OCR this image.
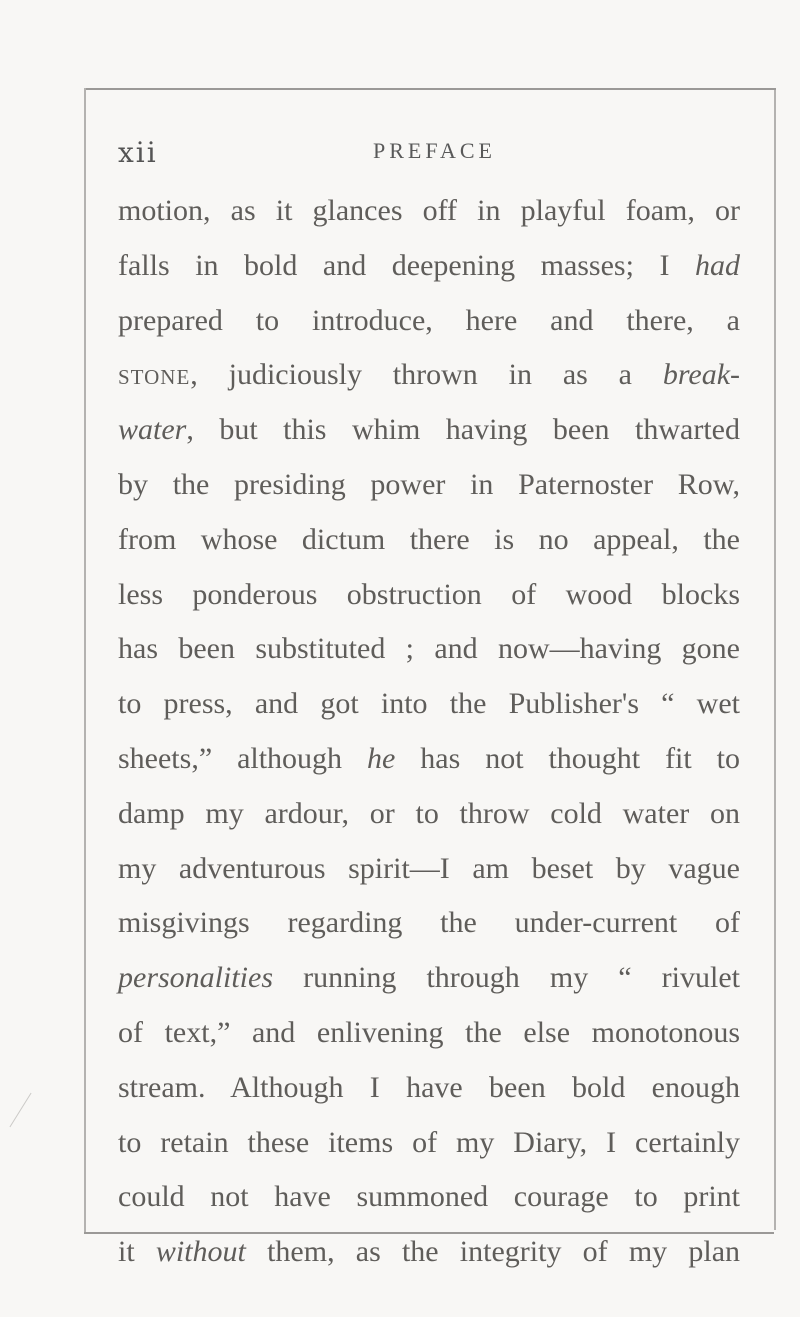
xii	PREFACE
motion, as it glances off in playful foam, or
falls in bold and deepening masses; I had
prepared to introduce, here and there, a
stone, judiciously thrown in as a break-
water, but this whim having been thwarted
by the presiding power in Paternoster Row,
from whose dictum there is no appeal, the
less ponderous obstruction of wood blocks
has been substituted ; and now—having gone
to press, and got into the Publisher's “ wet
sheets,” although he has not thought fit to
damp my ardour, or to throw cold water on
my adventurous spirit—I am beset by vague
misgivings regarding the under-current of
personalities running through my “ rivulet
of text,” and enlivening the else monotonous
stream. Although I have been bold enough
to retain these items of my Diary, I certainly
could not have summoned courage to print
it without them, as the integrity of my plan
